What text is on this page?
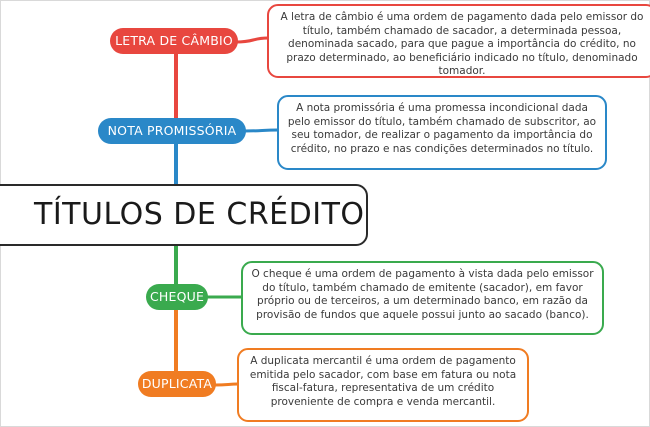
LETRA DE CÂMBIO
NOTA PROMISSÓRIA
CHEQUE
DUPLICATA
TÍTULOS DE CRÉDITO
A letra de câmbio é uma ordem de pagamento dada pelo emissor do título, também chamado de sacador, a determinada pessoa, denominada sacado, para que pague a importância do crédito, no prazo determinado, ao beneficiário indicado no título, denominado tomador.
A nota promissória é uma promessa incondicional dada pelo emissor do título, também chamado de subscritor, ao seu tomador, de realizar o pagamento da importância do crédito, no prazo e nas condições determinados no título.
O cheque é uma ordem de pagamento à vista dada pelo emissor do título, também chamado de emitente (sacador), em favor próprio ou de terceiros, a um determinado banco, em razão da provisão de fundos que aquele possui junto ao sacado (banco).
A duplicata mercantil é uma ordem de pagamento emitida pelo sacador, com base em fatura ou nota fiscal-fatura, representativa de um crédito proveniente de compra e venda mercantil.
